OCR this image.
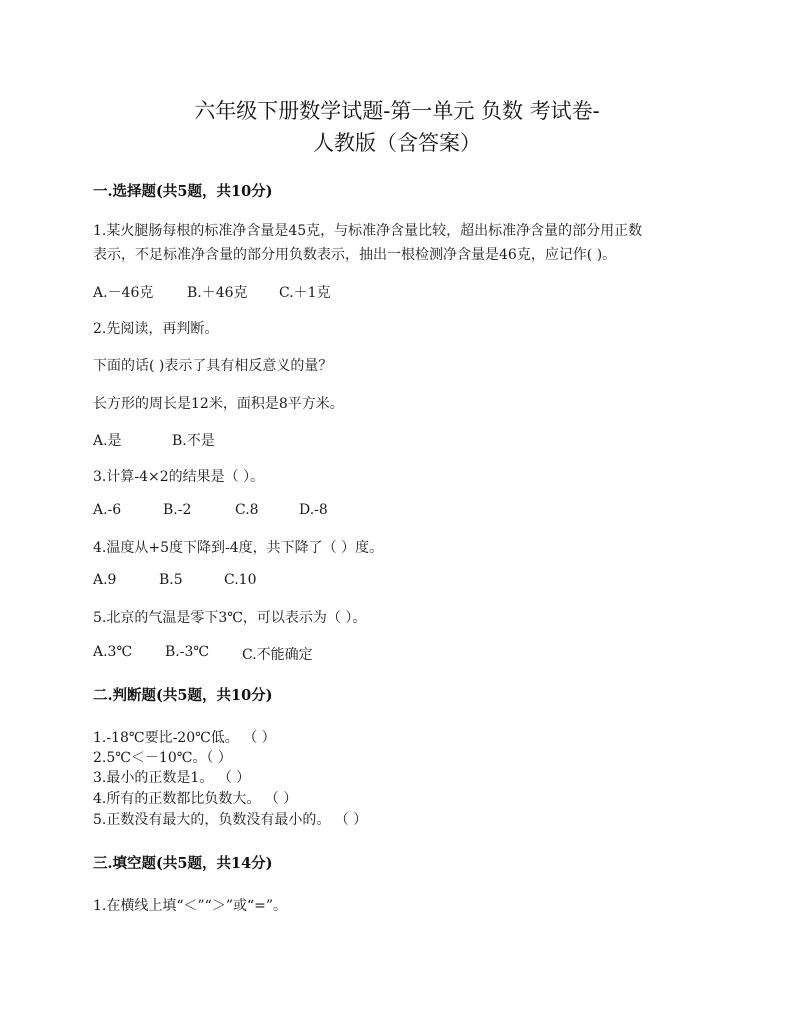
六年级下册数学试题-第一单元 负数 考试卷-
人教版（含答案）
一.选择题(共5题，共10分)
1.某火腿肠每根的标准净含量是45克，与标准净含量比较，超出标准净含量的部分用正数
表示，不足标准净含量的部分用负数表示，抽出一根检测净含量是46克，应记作( )。
A.－46克 B.＋46克 C.＋1克
2.先阅读，再判断。
下面的话( )表示了具有相反意义的量？
长方形的周长是12米，面积是8平方米。
A.是	B.不是
3.计算-4×2的结果是（ ）。
A.-6	B.-2	C.8	D.-8
4.温度从+5度下降到-4度，共下降了（ ）度。
A.9	B.5	C.10
5.北京的气温是零下3℃，可以表示为（ ）。
A.3℃ B.-3℃ C.不能确定
二.判断题(共5题，共10分)
1.-18℃要比-20℃低。 （ ）
2.5℃＜－10℃。（ ）
3.最小的正数是1。 （ ）
4.所有的正数都比负数大。 （ ）
5.正数没有最大的，负数没有最小的。 （ ）
三.填空题(共5题，共14分)
1.在横线上填“＜”“＞”或“=”。
